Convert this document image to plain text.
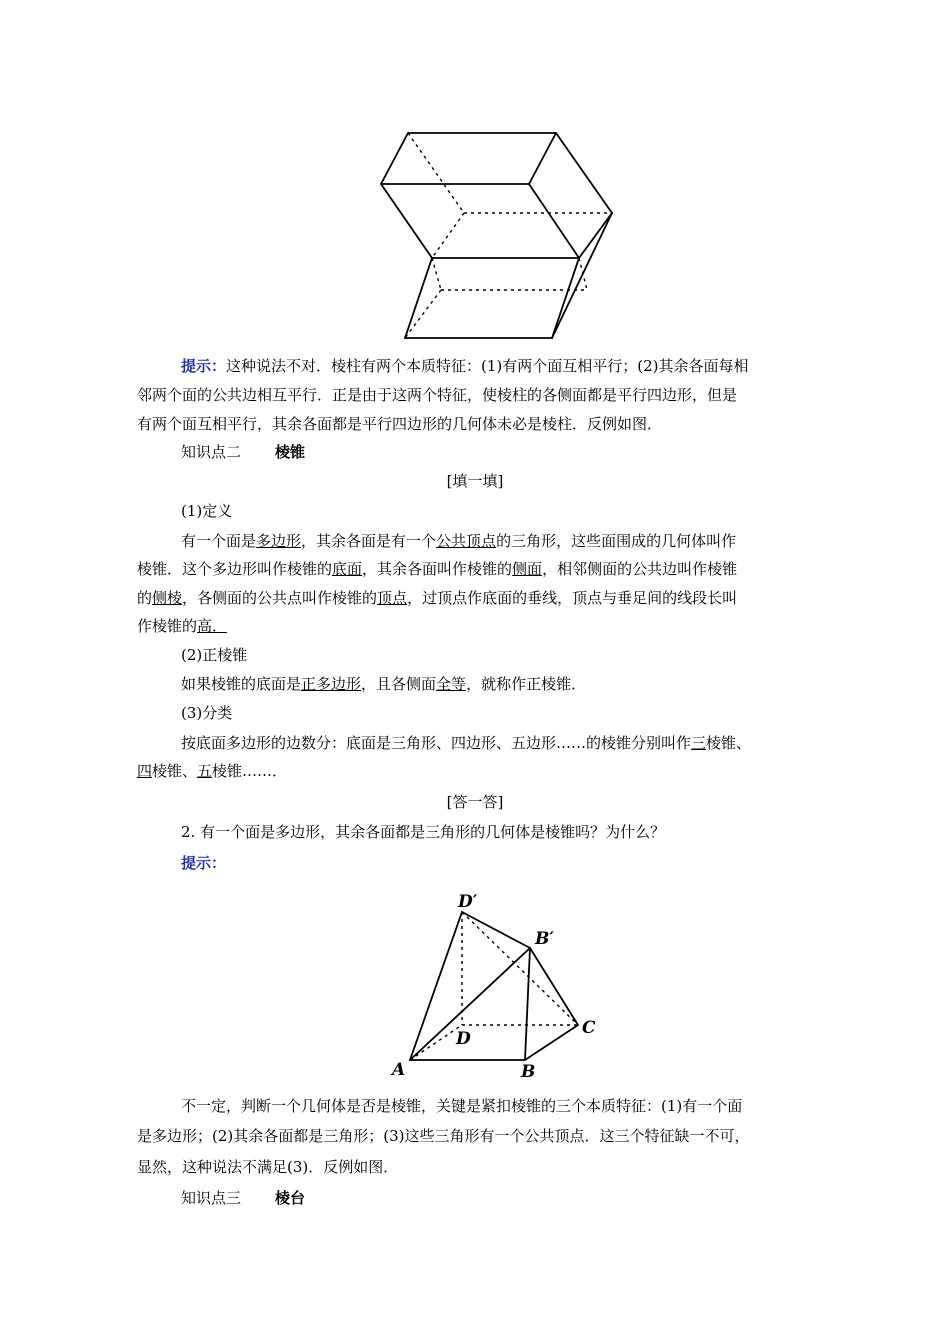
提示：这种说法不对．棱柱有两个本质特征：(1)有两个面互相平行；(2)其余各面每相
邻两个面的公共边相互平行．正是由于这两个特征，使棱柱的各侧面都是平行四边形，但是
有两个面互相平行，其余各面都是平行四边形的几何体未必是棱柱．反例如图．
知识点二 棱锥
[填一填]
(1)定义
有一个面是多边形，其余各面是有一个公共顶点的三角形，这些面围成的几何体叫作
棱锥．这个多边形叫作棱锥的底面，其余各面叫作棱锥的侧面，相邻侧面的公共边叫作棱锥
的侧棱，各侧面的公共点叫作棱锥的顶点，过顶点作底面的垂线，顶点与垂足间的线段长叫
作棱锥的高．
(2)正棱锥
如果棱锥的底面是正多边形，且各侧面全等，就称作正棱锥．
(3)分类
按底面多边形的边数分：底面是三角形、四边形、五边形……的棱锥分别叫作三棱锥、
四棱锥、五棱锥……．
[答一答]
2. 有一个面是多边形，其余各面都是三角形的几何体是棱锥吗？为什么？
提示：
D′
B′
C
D
A	B
不一定，判断一个几何体是否是棱锥，关键是紧扣棱锥的三个本质特征：(1)有一个面
是多边形；(2)其余各面都是三角形；(3)这些三角形有一个公共顶点．这三个特征缺一不可，
显然，这种说法不满足(3)．反例如图．
知识点三 棱台
